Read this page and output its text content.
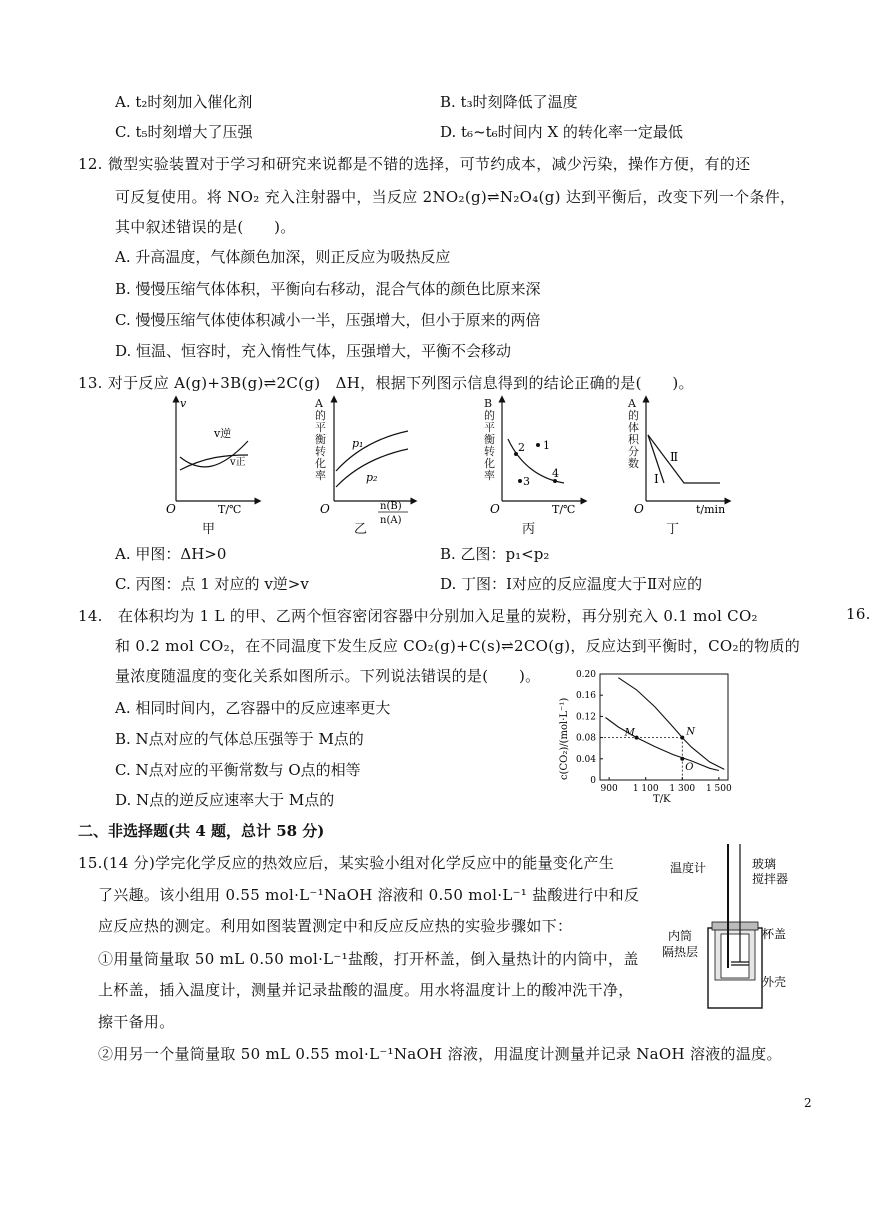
A. t₂时刻加入催化剂	B. t₃时刻降低了温度
C. t₅时刻增大了压强	D. t₆~t₆时间内 X 的转化率一定最低
12. 微型实验装置对于学习和研究来说都是不错的选择，可节约成本，减少污染，操作方便，有的还
可反复使用。将 NO₂ 充入注射器中，当反应 2NO₂(g)⇌N₂O₄(g) 达到平衡后，改变下列一个条件，
其中叙述错误的是(　　)。
A. 升高温度，气体颜色加深，则正反应为吸热反应
B. 慢慢压缩气体体积，平衡向右移动，混合气体的颜色比原来深
C. 慢慢压缩气体使体积减小一半，压强增大，但小于原来的两倍
D. 恒温、恒容时，充入惰性气体，压强增大，平衡不会移动
13. 对于反应 A(g)+3B(g)⇌2C(g)　ΔH，根据下列图示信息得到的结论正确的是(　　)。
v
v逆
v正
O	T/℃
甲
p₁
p₂
O	n(B)
n(A)
A的平衡转化率
乙
1
2
3
4
O	T/℃
B的平衡转化率
丙
Ⅱ
Ⅰ
O	t/min
A的体积分数
丁
A. 甲图：ΔH>0	B. 乙图：p₁<p₂
C. 丙图：点 1 对应的 v逆>v	D. 丁图：Ⅰ对应的反应温度大于Ⅱ对应的
14.　在体积均为 1 L 的甲、乙两个恒容密闭容器中分别加入足量的炭粉，再分别充入 0.1 mol CO₂
和 0.2 mol CO₂，在不同温度下发生反应 CO₂(g)+C(s)⇌2CO(g)，反应达到平衡时，CO₂的物质的
量浓度随温度的变化关系如图所示。下列说法错误的是(　　)。
16.
A. 相同时间内，乙容器中的反应速率更大
B. N点对应的气体总压强等于 M点的
C. N点对应的平衡常数与 O点的相等
D. N点的逆反应速率大于 M点的
0.20
0.16
0.12
0.08
0.04
0
900 1 100 1 300 1 500
M	N
O
c(CO₂)/(mol·L⁻¹)
T/K
二、非选择题(共 4 题，总计 58 分)
15.(14 分)学完化学反应的热效应后，某实验小组对化学反应中的能量变化产生
了兴趣。该小组用 0.55 mol·L⁻¹NaOH 溶液和 0.50 mol·L⁻¹ 盐酸进行中和反
应反应热的测定。利用如图装置测定中和反应反应热的实验步骤如下：
①用量筒量取 50 mL 0.50 mol·L⁻¹盐酸，打开杯盖，倒入量热计的内筒中，盖
上杯盖，插入温度计，测量并记录盐酸的温度。用水将温度计上的酸冲洗干净，
擦干备用。
②用另一个量筒量取 50 mL 0.55 mol·L⁻¹NaOH 溶液，用温度计测量并记录 NaOH 溶液的温度。
温度计	玻璃
搅拌器
内筒
隔热层
杯盖
外壳
2
